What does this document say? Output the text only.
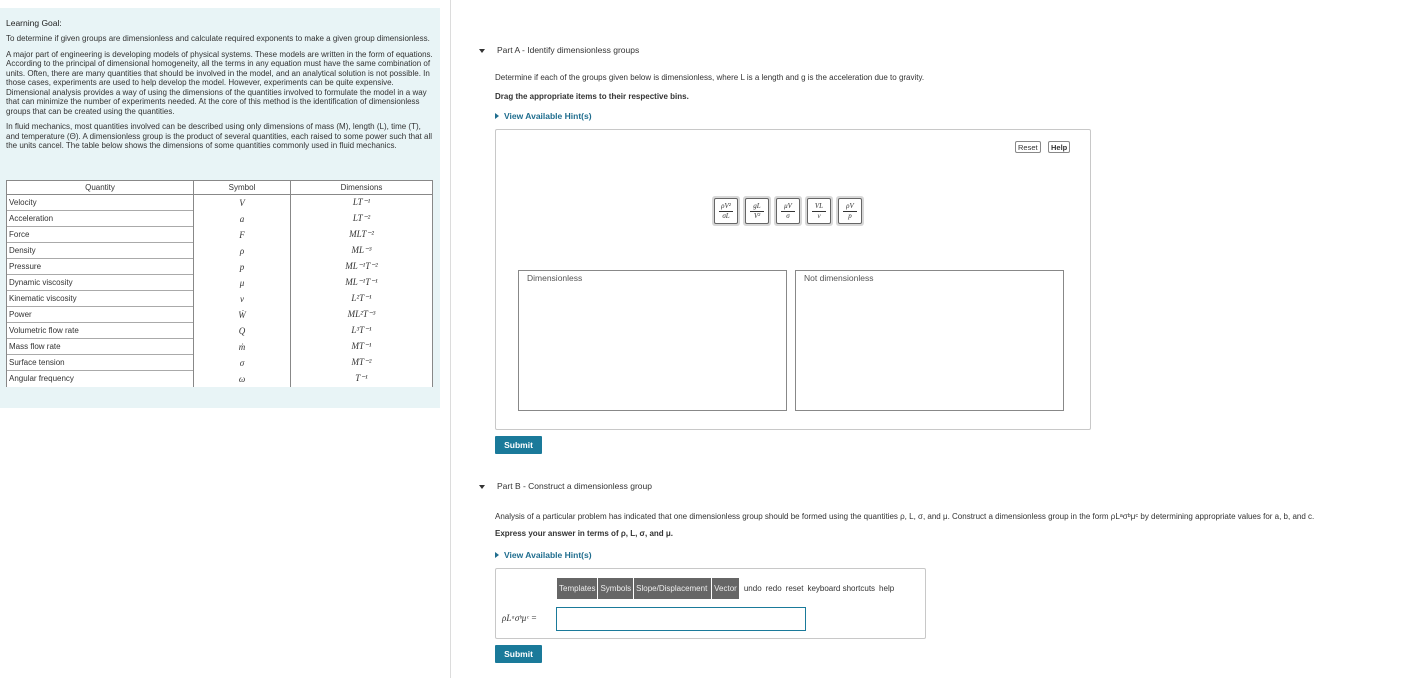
Learning Goal:
To determine if given groups are dimensionless and calculate required exponents to make a given group dimensionless.
A major part of engineering is developing models of physical systems. These models are written in the form of equations. According to the principal of dimensional homogeneity, all the terms in any equation must have the same combination of units. Often, there are many quantities that should be involved in the model, and an analytical solution is not possible. In those cases, experiments are used to help develop the model. However, experiments can be quite expensive. Dimensional analysis provides a way of using the dimensions of the quantities involved to formulate the model in a way that can minimize the number of experiments needed. At the core of this method is the identification of dimensionless groups that can be created using the quantities.
In fluid mechanics, most quantities involved can be described using only dimensions of mass (M), length (L), time (T), and temperature (Θ). A dimensionless group is the product of several quantities, each raised to some power such that all the units cancel. The table below shows the dimensions of some quantities commonly used in fluid mechanics.
Quantity	Symbol	Dimensions
Velocity	V	LT⁻¹
Acceleration	a	LT⁻²
Force	F	MLT⁻²
Density	ρ	ML⁻³
Pressure	p	ML⁻¹T⁻²
Dynamic viscosity	μ	ML⁻¹T⁻¹
Kinematic viscosity	ν	L²T⁻¹
Power	Ẇ	ML²T⁻³
Volumetric flow rate	Q	L³T⁻¹
Mass flow rate	ṁ	MT⁻¹
Surface tension	σ	MT⁻²
Angular frequency	ω	T⁻¹
Part A - Identify dimensionless groups
Determine if each of the groups given below is dimensionless, where L is a length and g is the acceleration due to gravity.
Drag the appropriate items to their respective bins.
View Available Hint(s)
Reset	Help
ρV²
σL
gL
V²
μV
σ
VL
ν
ρV
p
Dimensionless	Not dimensionless
Submit
Part B - Construct a dimensionless group
Analysis of a particular problem has indicated that one dimensionless group should be formed using the quantities ρ, L, σ, and μ. Construct a dimensionless group in the form ρLᵃσᵇμᶜ by determining appropriate values for a, b, and c.
Express your answer in terms of ρ, L, σ, and μ.
View Available Hint(s)
Templates Symbols Slope/Displacement Vector undo redo reset keyboard shortcuts help
ρLᵃσᵇμᶜ =
Submit
